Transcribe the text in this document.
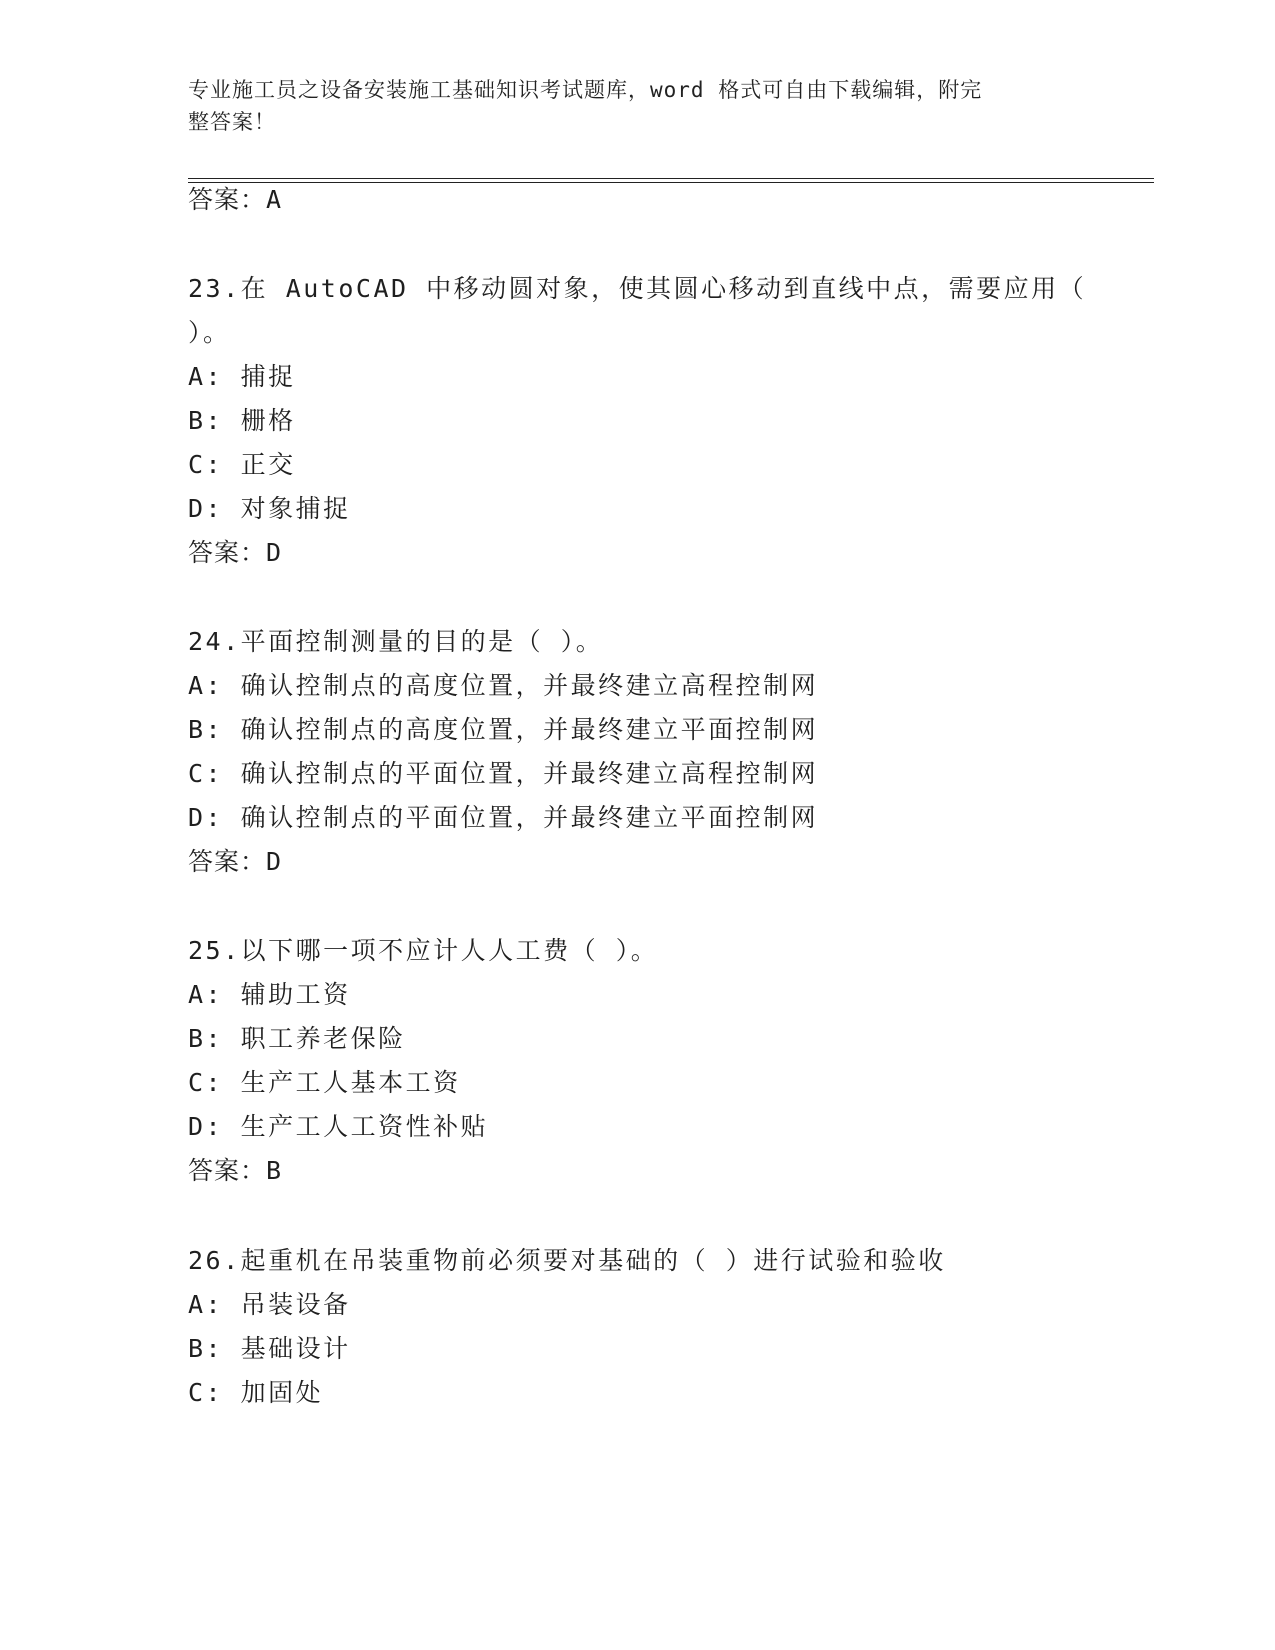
专业施工员之设备安装施工基础知识考试题库，word 格式可自由下载编辑，附完
整答案！
答案：A
23.在 AutoCAD 中移动圆对象，使其圆心移动到直线中点，需要应用（
）。
A: 捕捉
B: 栅格
C: 正交
D: 对象捕捉
答案：D
24.平面控制测量的目的是（ ）。
A: 确认控制点的高度位置，并最终建立高程控制网
B: 确认控制点的高度位置，并最终建立平面控制网
C: 确认控制点的平面位置，并最终建立高程控制网
D: 确认控制点的平面位置，并最终建立平面控制网
答案：D
25.以下哪一项不应计人人工费（ ）。
A: 辅助工资
B: 职工养老保险
C: 生产工人基本工资
D: 生产工人工资性补贴
答案：B
26.起重机在吊装重物前必须要对基础的（ ）进行试验和验收
A: 吊装设备
B: 基础设计
C: 加固处
